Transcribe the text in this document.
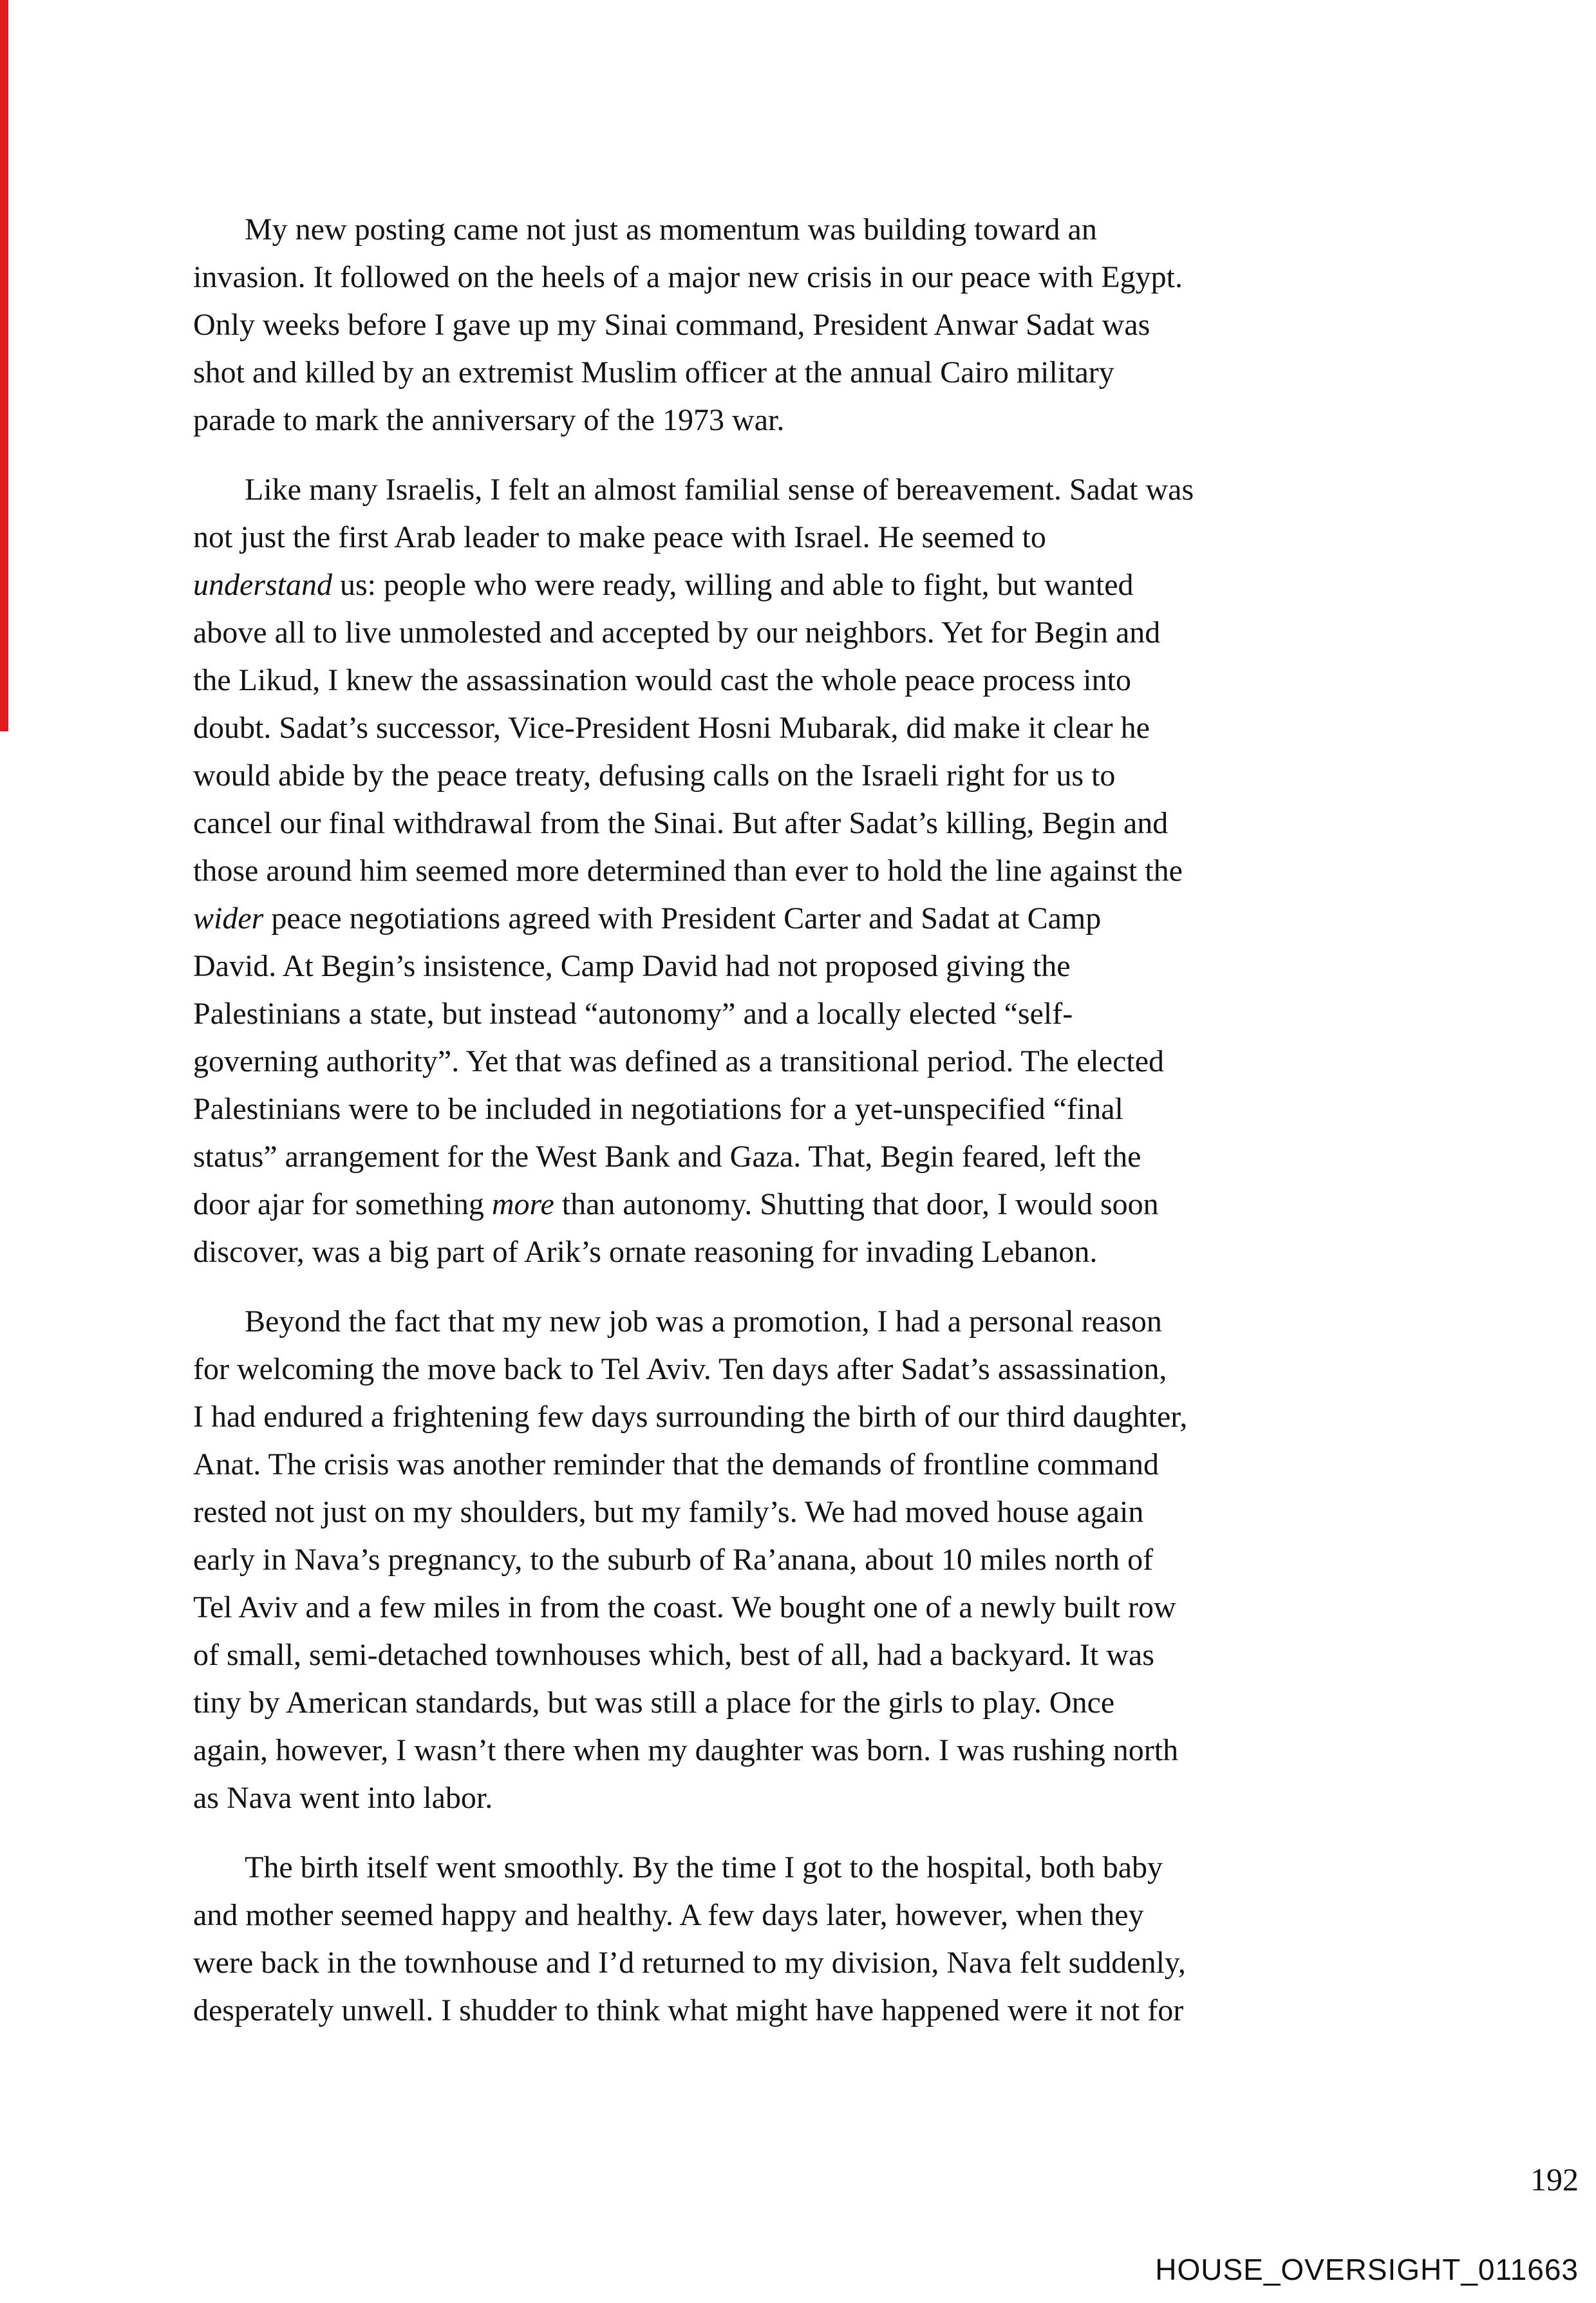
My new posting came not just as momentum was building toward an
invasion. It followed on the heels of a major new crisis in our peace with Egypt.
Only weeks before I gave up my Sinai command, President Anwar Sadat was
shot and killed by an extremist Muslim officer at the annual Cairo military
parade to mark the anniversary of the 1973 war.

Like many Israelis, I felt an almost familial sense of bereavement. Sadat was
not just the first Arab leader to make peace with Israel. He seemed to
understand us: people who were ready, willing and able to fight, but wanted
above all to live unmolested and accepted by our neighbors. Yet for Begin and
the Likud, I knew the assassination would cast the whole peace process into
doubt. Sadat’s successor, Vice-President Hosni Mubarak, did make it clear he
would abide by the peace treaty, defusing calls on the Israeli right for us to
cancel our final withdrawal from the Sinai. But after Sadat’s killing, Begin and
those around him seemed more determined than ever to hold the line against the
wider peace negotiations agreed with President Carter and Sadat at Camp
David. At Begin’s insistence, Camp David had not proposed giving the
Palestinians a state, but instead “autonomy” and a locally elected “self-
governing authority”. Yet that was defined as a transitional period. The elected
Palestinians were to be included in negotiations for a yet-unspecified “final
status” arrangement for the West Bank and Gaza. That, Begin feared, left the
door ajar for something more than autonomy. Shutting that door, I would soon
discover, was a big part of Arik’s ornate reasoning for invading Lebanon.

Beyond the fact that my new job was a promotion, I had a personal reason
for welcoming the move back to Tel Aviv. Ten days after Sadat’s assassination,
I had endured a frightening few days surrounding the birth of our third daughter,
Anat. The crisis was another reminder that the demands of frontline command
rested not just on my shoulders, but my family’s. We had moved house again
early in Nava’s pregnancy, to the suburb of Ra’anana, about 10 miles north of
Tel Aviv and a few miles in from the coast. We bought one of a newly built row
of small, semi-detached townhouses which, best of all, had a backyard. It was
tiny by American standards, but was still a place for the girls to play. Once
again, however, I wasn’t there when my daughter was born. I was rushing north
as Nava went into labor.

The birth itself went smoothly. By the time I got to the hospital, both baby
and mother seemed happy and healthy. A few days later, however, when they
were back in the townhouse and I’d returned to my division, Nava felt suddenly,
desperately unwell. I shudder to think what might have happened were it not for

192
HOUSE_OVERSIGHT_011663
